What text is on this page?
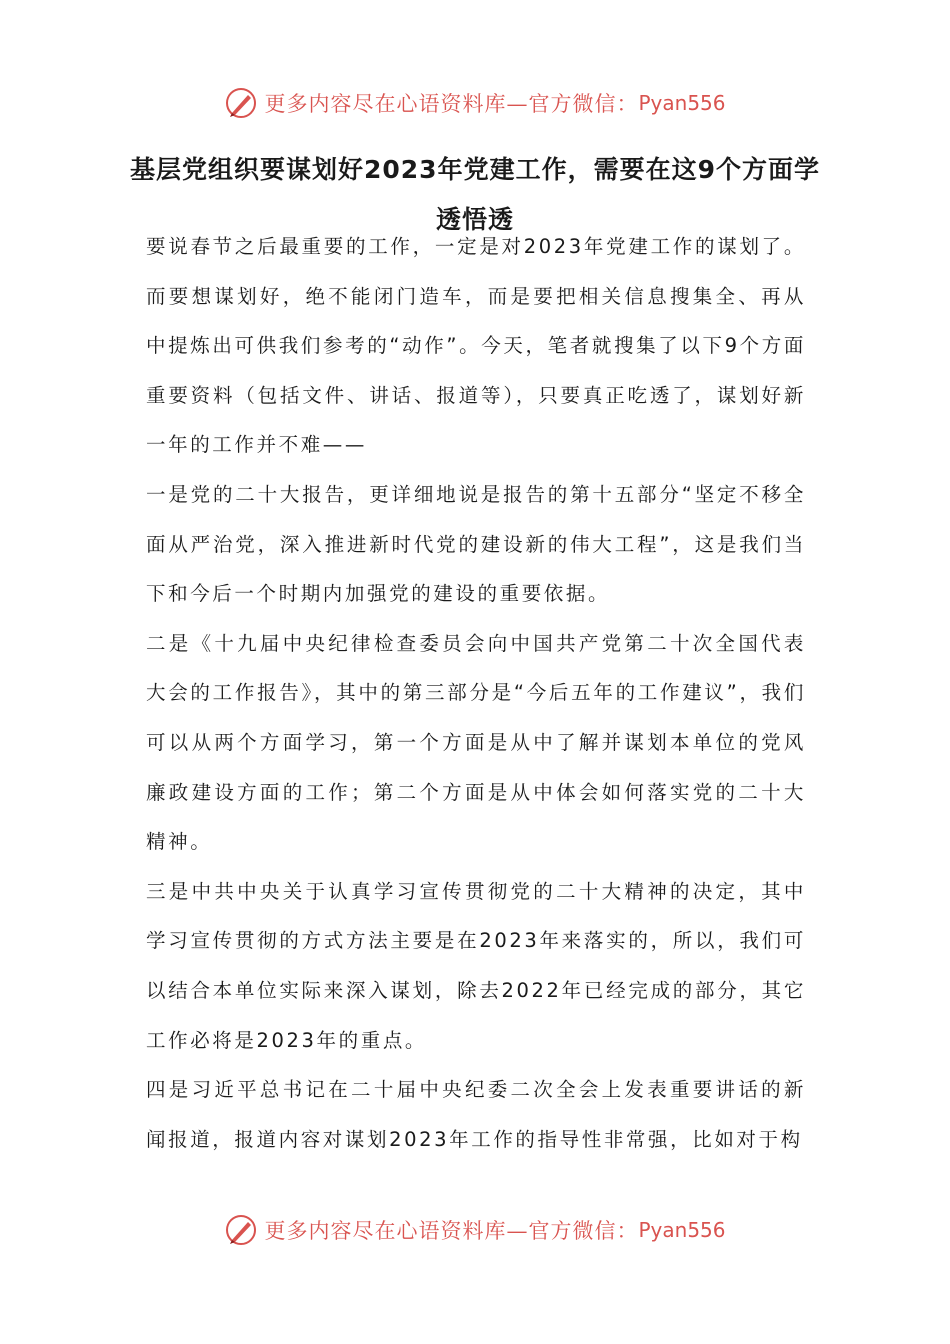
更多内容尽在心语资料库—官方微信： Pyan556
基层党组织要谋划好2023年党建工作，需要在这9个方面学透悟透

要说春节之后最重要的工作，一定是对2023年党建工作的谋划了。而要想谋划好，绝不能闭门造车，而是要把相关信息搜集全、再从中提炼出可供我们参考的“动作”。今天，笔者就搜集了以下9个方面重要资料（包括文件、讲话、报道等），只要真正吃透了，谋划好新一年的工作并不难——

一是党的二十大报告，更详细地说是报告的第十五部分“坚定不移全面从严治党，深入推进新时代党的建设新的伟大工程”，这是我们当下和今后一个时期内加强党的建设的重要依据。

二是《十九届中央纪律检查委员会向中国共产党第二十次全国代表大会的工作报告》，其中的第三部分是“今后五年的工作建议”，我们可以从两个方面学习，第一个方面是从中了解并谋划本单位的党风廉政建设方面的工作；第二个方面是从中体会如何落实党的二十大精神。

三是中共中央关于认真学习宣传贯彻党的二十大精神的决定，其中学习宣传贯彻的方式方法主要是在2023年来落实的，所以，我们可以结合本单位实际来深入谋划，除去2022年已经完成的部分，其它工作必将是2023年的重点。

四是习近平总书记在二十届中央纪委二次全会上发表重要讲话的新闻报道，报道内容对谋划2023年工作的指导性非常强，比如对于构

更多内容尽在心语资料库—官方微信： Pyan556
